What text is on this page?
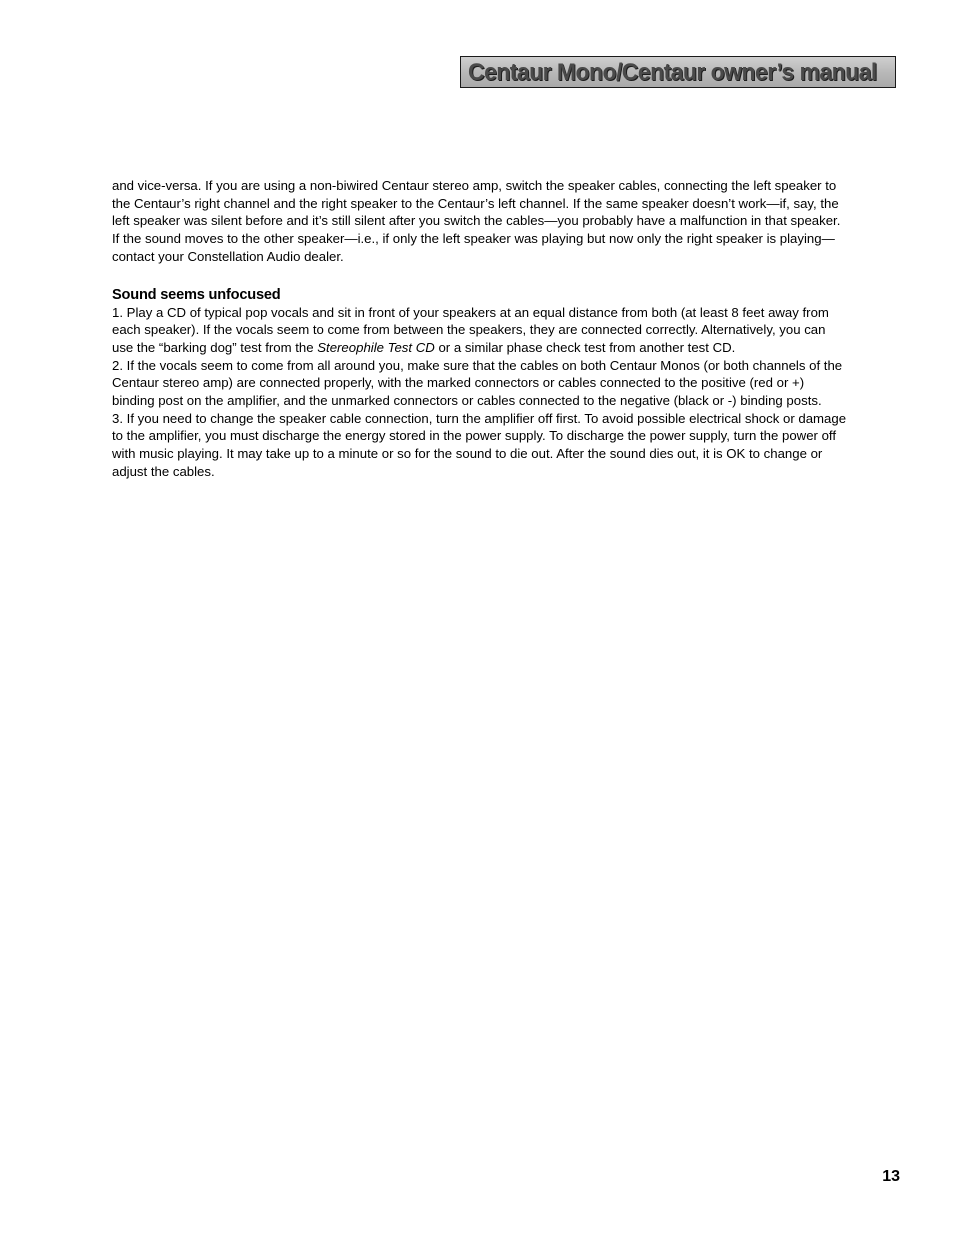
Centaur Mono/Centaur owner’s manual

and vice-versa. If you are using a non-biwired Centaur stereo amp, switch the speaker cables, connecting the left speaker to the Centaur’s right channel and the right speaker to the Centaur’s left channel. If the same speaker doesn’t work—if, say, the left speaker was silent before and it’s still silent after you switch the cables—you probably have a malfunction in that speaker. If the sound moves to the other speaker—i.e., if only the left speaker was playing but now only the right speaker is playing—contact your Constellation Audio dealer.

Sound seems unfocused

1. Play a CD of typical pop vocals and sit in front of your speakers at an equal distance from both (at least 8 feet away from each speaker). If the vocals seem to come from between the speakers, they are connected correctly. Alternatively, you can use the “barking dog” test from the Stereophile Test CD or a similar phase check test from another test CD.

2. If the vocals seem to come from all around you, make sure that the cables on both Centaur Monos (or both channels of the Centaur stereo amp) are connected properly, with the marked connectors or cables connected to the positive (red or +) binding post on the amplifier, and the unmarked connectors or cables connected to the negative (black or -) binding posts.

3. If you need to change the speaker cable connection, turn the amplifier off first. To avoid possible electrical shock or damage to the amplifier, you must discharge the energy stored in the power supply. To discharge the power supply, turn the power off with music playing. It may take up to a minute or so for the sound to die out. After the sound dies out, it is OK to change or adjust the cables.

13
